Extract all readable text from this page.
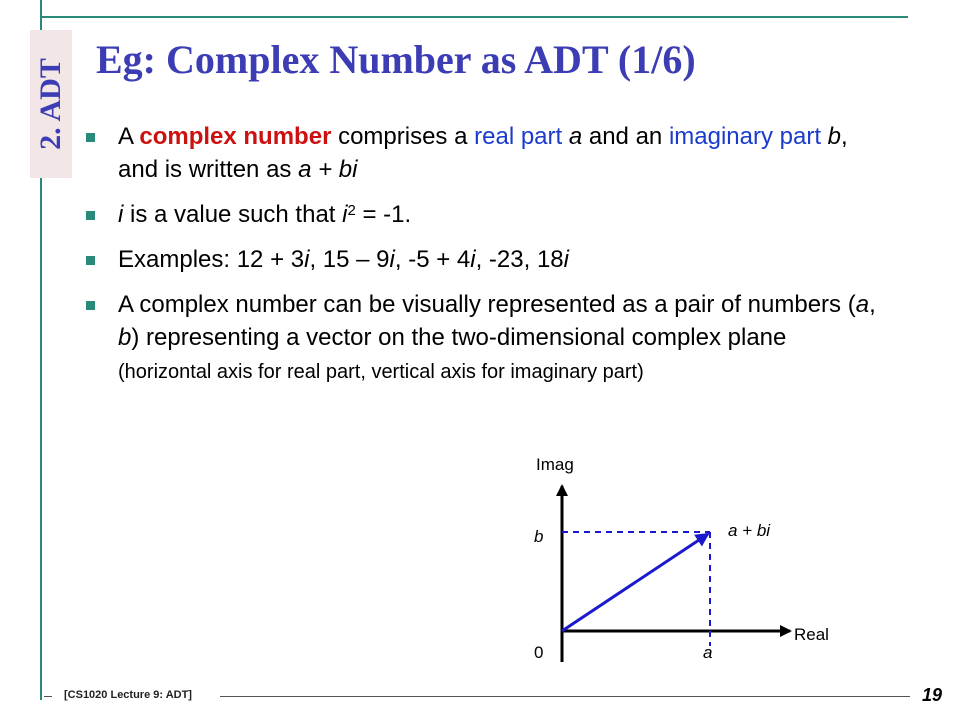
2. ADT Eg: Complex Number as ADT (1/6)
A complex number comprises a real part a and an imaginary part b, and is written as a + bi
i is a value such that $i^2 = -1$.
Examples: 12 + 3i, 15 – 9i, -5 + 4i, -23, 18i
A complex number can be visually represented as a pair of numbers (a, b) representing a vector on the two-dimensional complex plane (horizontal axis for real part, vertical axis for imaginary part)
Imag
Real
0
b
a
a + bi
[CS1020 Lecture 9: ADT]	19
